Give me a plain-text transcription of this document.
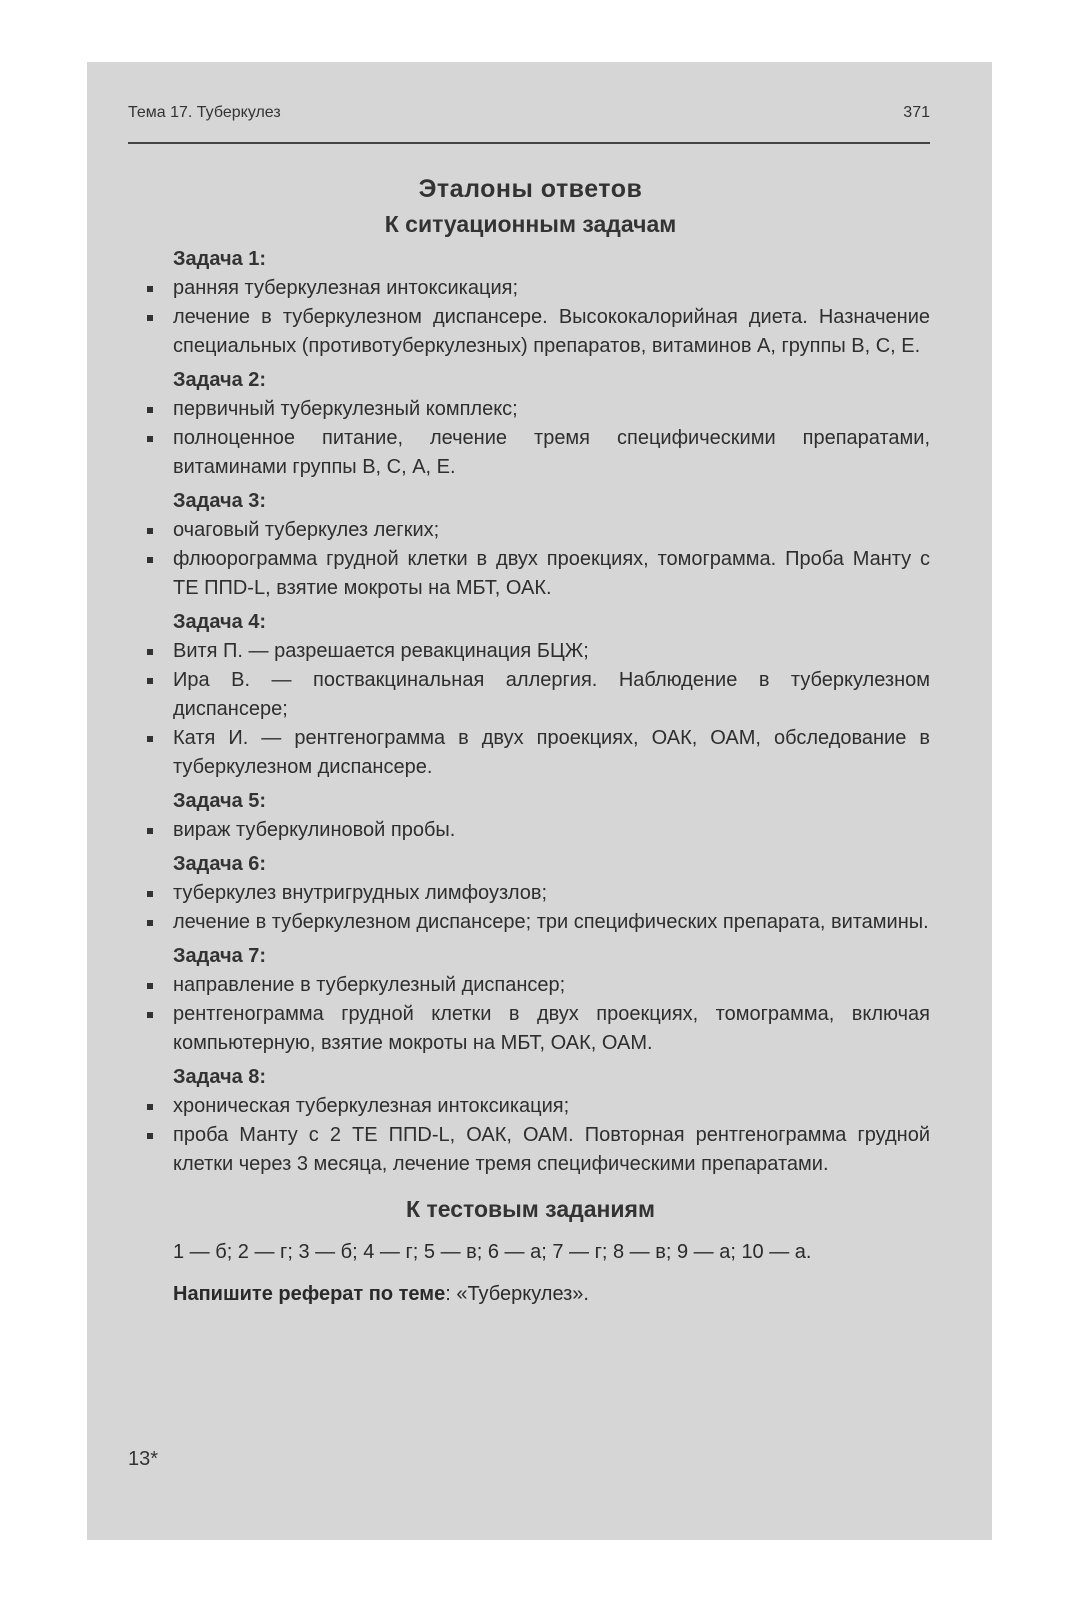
Тема 17. Туберкулез	371
Эталоны ответов
К ситуационным задачам
Задача 1:
ранняя туберкулезная интоксикация;
лечение в туберкулезном диспансере. Высококалорийная диета. Назначение специальных (противотуберкулезных) препаратов, витаминов А, группы В, С, Е.
Задача 2:
первичный туберкулезный комплекс;
полноценное питание, лечение тремя специфическими препаратами, витаминами группы В, С, А, Е.
Задача 3:
очаговый туберкулез легких;
флюорограмма грудной клетки в двух проекциях, томограмма. Проба Манту с ТЕ ППD-L, взятие мокроты на МБТ, ОАК.
Задача 4:
Витя П. — разрешается ревакцинация БЦЖ;
Ира В. — поствакцинальная аллергия. Наблюдение в туберкулезном диспансере;
Катя И. — рентгенограмма в двух проекциях, ОАК, ОАМ, обследование в туберкулезном диспансере.
Задача 5:
вираж туберкулиновой пробы.
Задача 6:
туберкулез внутригрудных лимфоузлов;
лечение в туберкулезном диспансере; три специфических препарата, витамины.
Задача 7:
направление в туберкулезный диспансер;
рентгенограмма грудной клетки в двух проекциях, томограмма, включая компьютерную, взятие мокроты на МБТ, ОАК, ОАМ.
Задача 8:
хроническая туберкулезная интоксикация;
проба Манту с 2 ТЕ ППD-L, ОАК, ОАМ. Повторная рентгенограмма грудной клетки через 3 месяца, лечение тремя специфическими препаратами.
К тестовым заданиям
1 — б; 2 — г; 3 — б; 4 — г; 5 — в; 6 — а; 7 — г; 8 — в; 9 — а; 10 — а.
Напишите реферат по теме: «Туберкулез».
13*
